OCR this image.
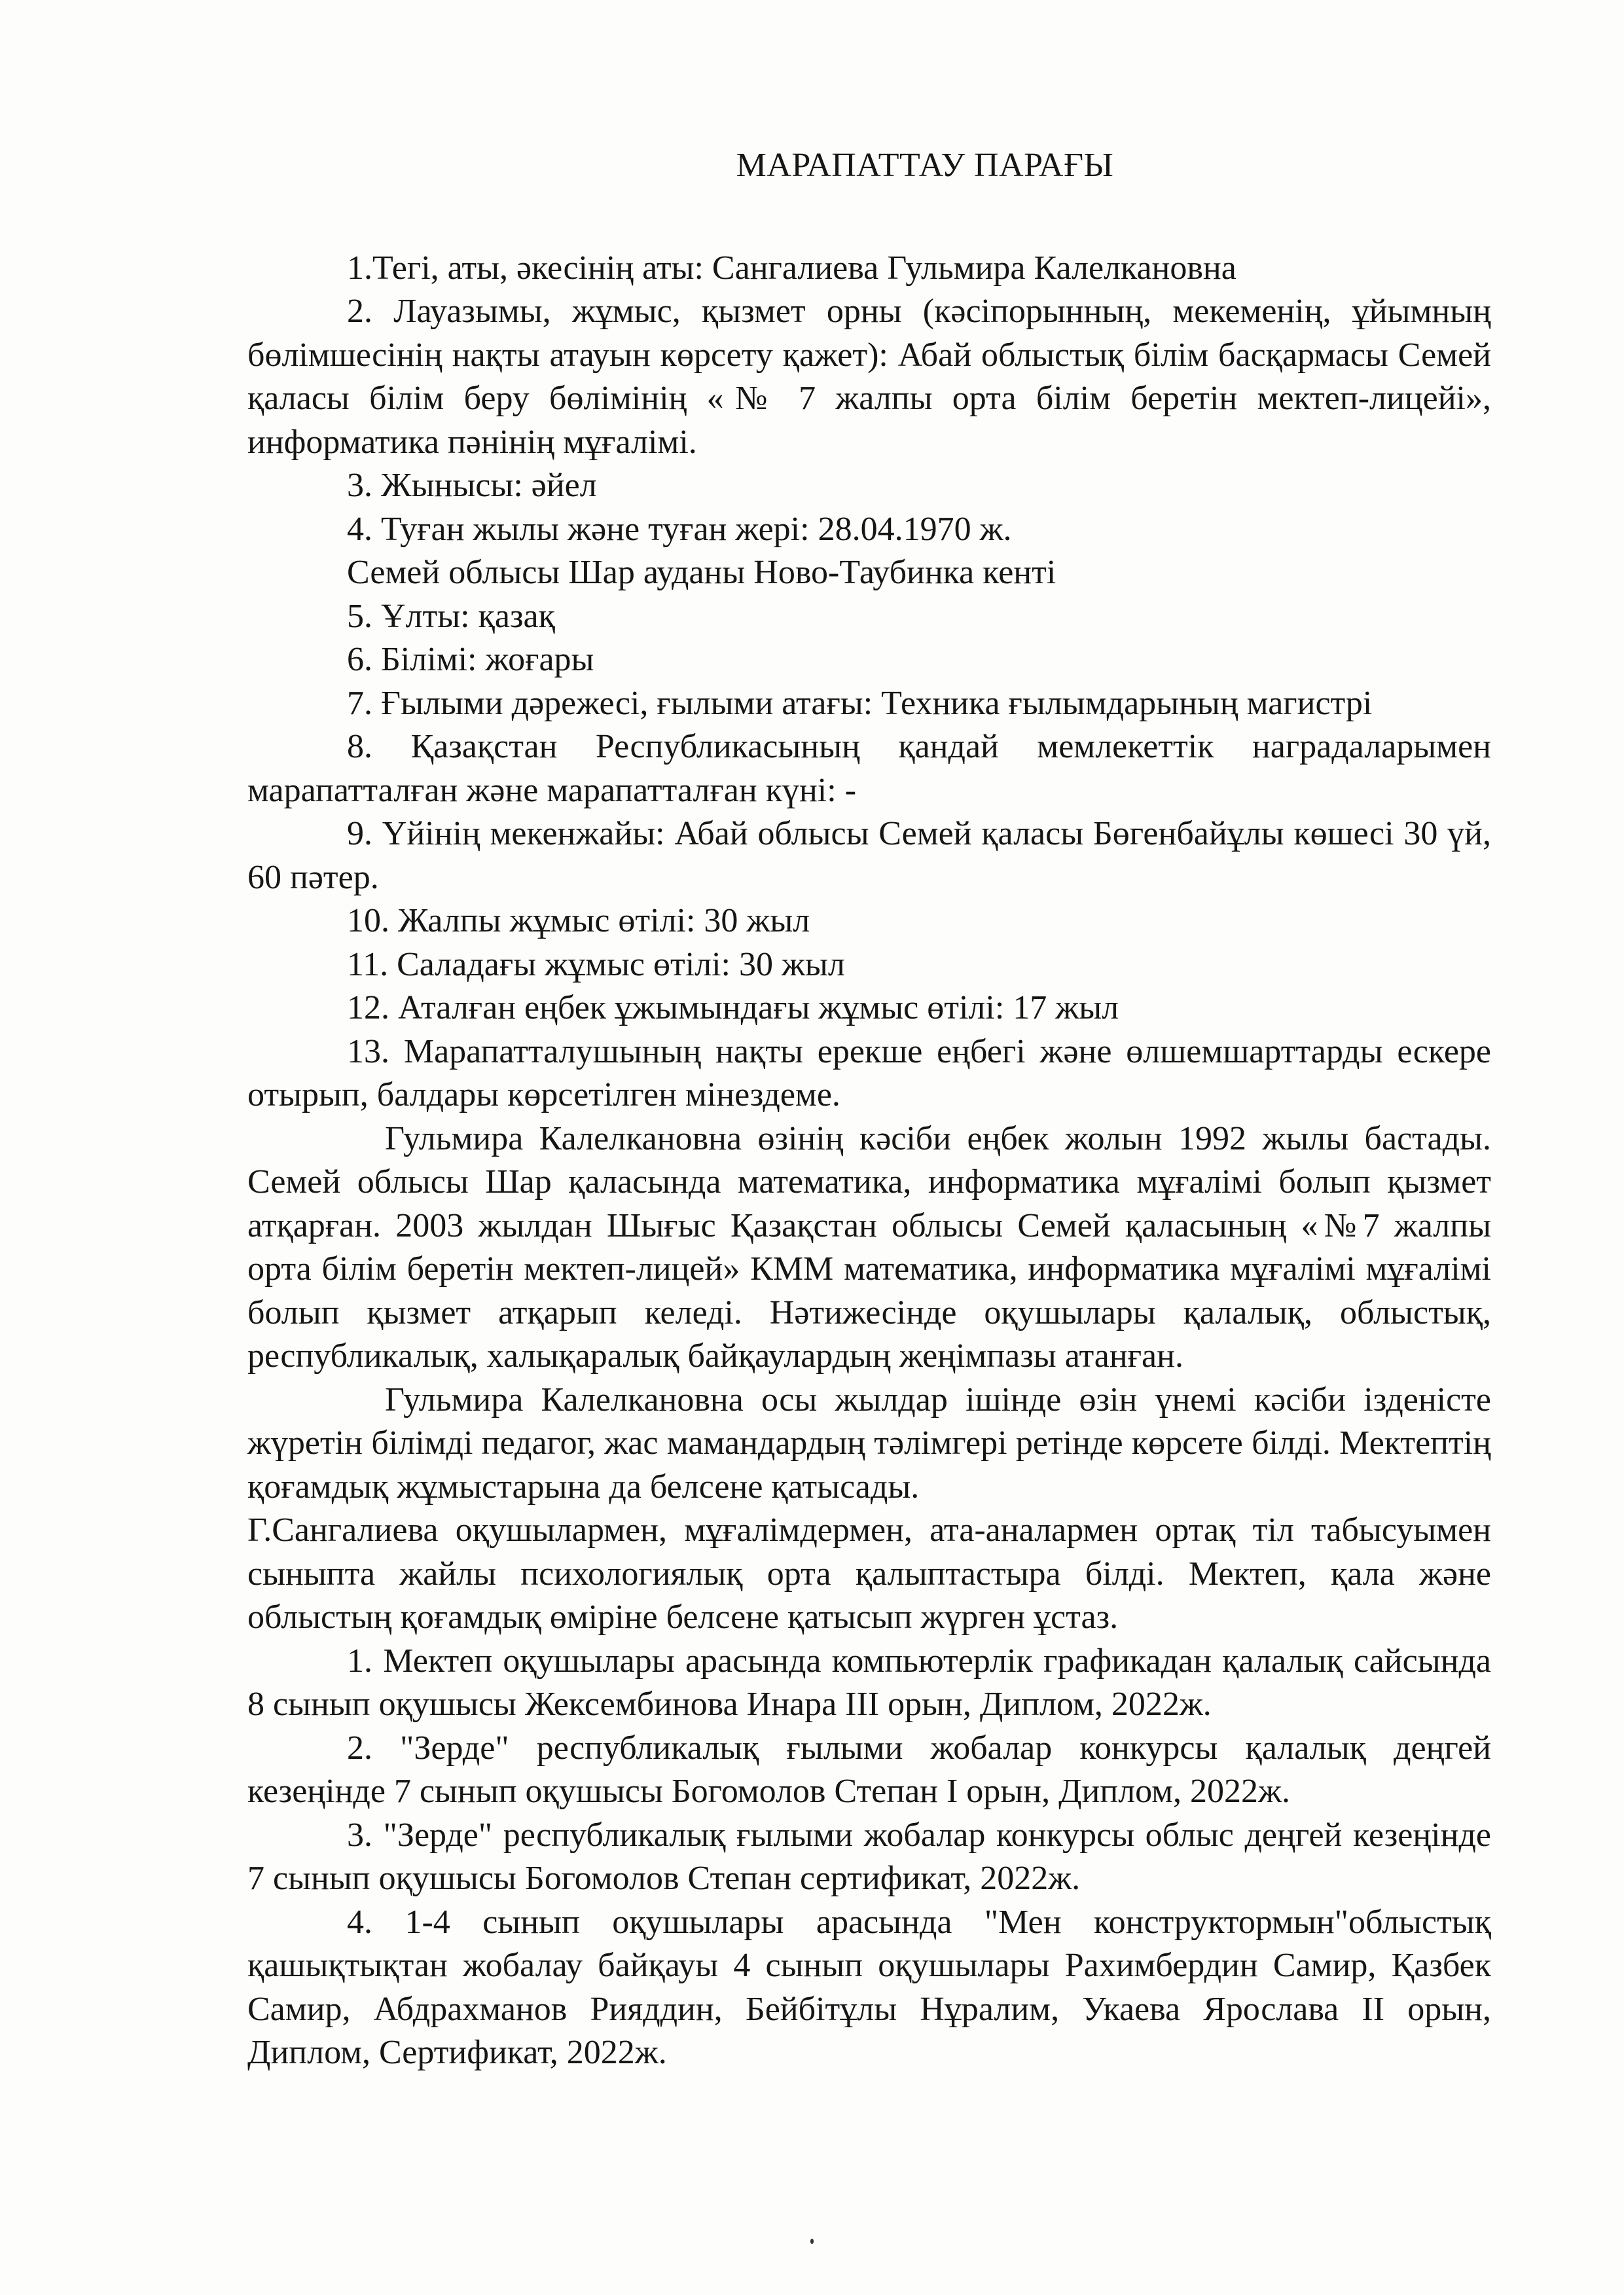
МАРАПАТТАУ ПАРАҒЫ

1.Тегі, аты, әкесінің аты: Сангалиева Гульмира Калелкановна

2. Лауазымы, жұмыс, қызмет орны (кәсіпорынның, мекеменің, ұйымның бөлімшесінің нақты атауын көрсету қажет): Абай облыстық білім басқармасы Семей қаласы білім беру бөлімінің «№ 7 жалпы орта білім беретін мектеп-лицейі», информатика пәнінің мұғалімі.

3. Жынысы: әйел

4. Туған жылы және туған жері: 28.04.1970 ж.

Семей облысы Шар ауданы Ново-Таубинка кенті

5. Ұлты: қазақ

6. Білімі: жоғары

7. Ғылыми дәрежесі, ғылыми атағы: Техника ғылымдарының магистрі

8. Қазақстан Республикасының қандай мемлекеттік наградаларымен марапатталған және марапатталған күні: -

9. Үйінің мекенжайы: Абай облысы Семей қаласы Бөгенбайұлы көшесі 30 үй, 60 пәтер.

10. Жалпы жұмыс өтілі: 30 жыл

11. Саладағы жұмыс өтілі: 30 жыл

12. Аталған еңбек ұжымындағы жұмыс өтілі: 17 жыл

13. Марапатталушының нақты ерекше еңбегі және өлшемшарттарды ескере отырып, балдары көрсетілген мінездеме.

Гульмира Калелкановна өзінің кәсіби еңбек жолын 1992 жылы бастады. Семей облысы Шар қаласында математика, информатика мұғалімі болып қызмет атқарған. 2003 жылдан Шығыс Қазақстан облысы Семей қаласының «№7 жалпы орта білім беретін мектеп-лицей» КММ математика, информатика мұғалімі мұғалімі болып қызмет атқарып келеді. Нәтижесінде оқушылары қалалық, облыстық, республикалық, халықаралық байқаулардың жеңімпазы атанған.

Гульмира Калелкановна осы жылдар ішінде өзін үнемі кәсіби ізденісте жүретін білімді педагог, жас мамандардың тәлімгері ретінде көрсете білді. Мектептің қоғамдық жұмыстарына да белсене қатысады.

Г.Сангалиева оқушылармен, мұғалімдермен, ата-аналармен ортақ тіл табысуымен сыныпта жайлы психологиялық орта қалыптастыра білді. Мектеп, қала және облыстың қоғамдық өміріне белсене қатысып жүрген ұстаз.

1. Мектеп оқушылары арасында компьютерлік графикадан қалалық сайсында 8 сынып оқушысы Жексембинова Инара ІІІ орын, Диплом, 2022ж.

2. "Зерде" республикалық ғылыми жобалар конкурсы қалалық деңгей кезеңінде 7 сынып оқушысы Богомолов Степан І орын, Диплом, 2022ж.

3. "Зерде" республикалық ғылыми жобалар конкурсы облыс деңгей кезеңінде 7 сынып оқушысы Богомолов Степан сертификат, 2022ж.

4. 1-4 сынып оқушылары арасында "Мен конструктормын"облыстық қашықтықтан жобалау байқауы 4 сынып оқушылары Рахимбердин Самир, Қазбек Самир, Абдрахманов Рияддин, Бейбітұлы Нұралим, Укаева Ярослава ІІ орын, Диплом, Сертификат, 2022ж.
